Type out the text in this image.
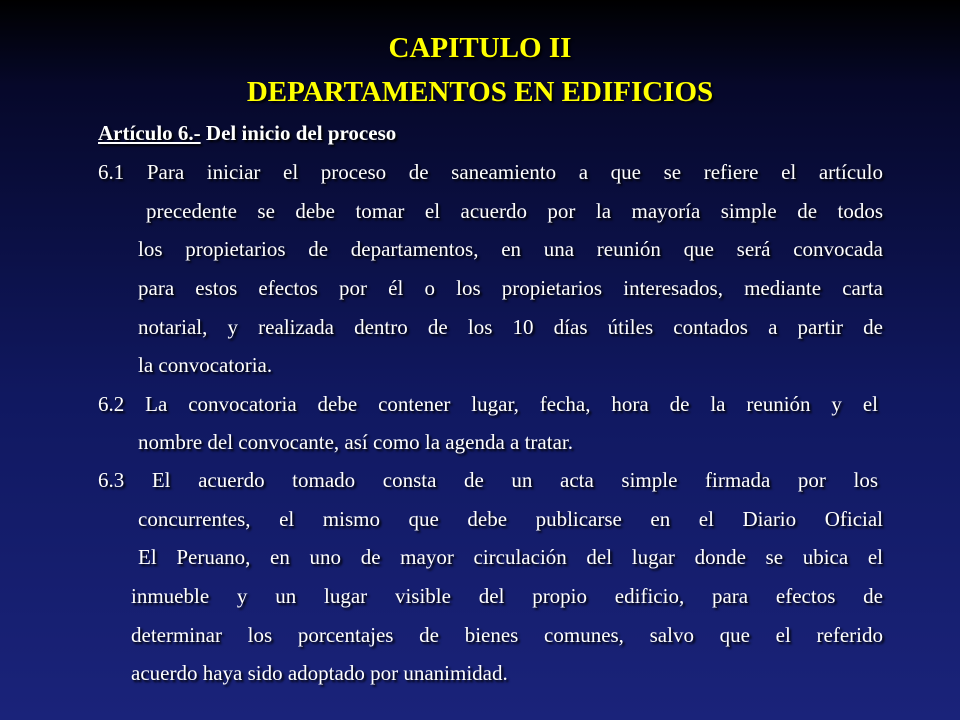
CAPITULO II
DEPARTAMENTOS EN EDIFICIOS
Artículo 6.- Del inicio del proceso
6.1 Para iniciar el proceso de saneamiento a que se refiere el artículo
precedente se debe tomar el acuerdo por la mayoría simple de todos
los propietarios de departamentos, en una reunión que será convocada
para estos efectos por él o los propietarios interesados, mediante carta
notarial, y realizada dentro de los 10 días útiles contados a partir de
la convocatoria.
6.2 La convocatoria debe contener lugar, fecha, hora de la reunión y el
nombre del convocante, así como la agenda a tratar.
6.3 El acuerdo tomado consta de un acta simple firmada por los
concurrentes, el mismo que debe publicarse en el Diario Oficial
El Peruano, en uno de mayor circulación del lugar donde se ubica el
inmueble y un lugar visible del propio edificio, para efectos de
determinar los porcentajes de bienes comunes, salvo que el referido
acuerdo haya sido adoptado por unanimidad.
